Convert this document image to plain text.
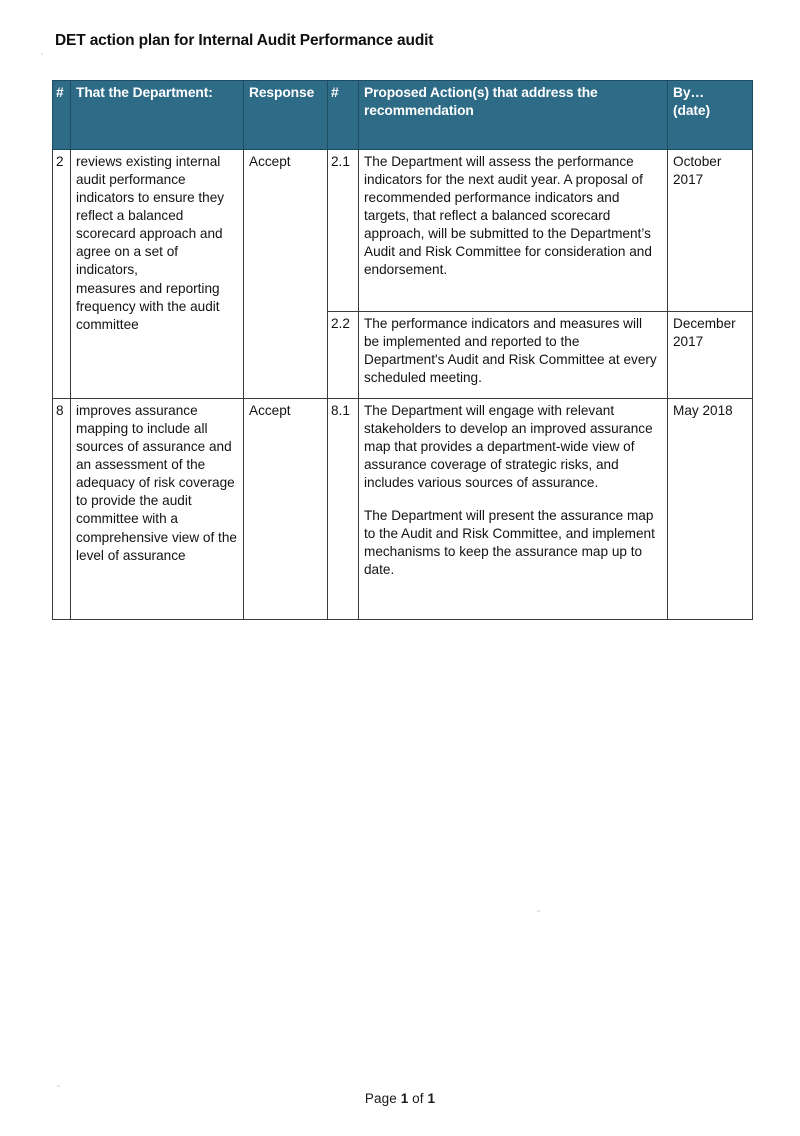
DET action plan for Internal Audit Performance audit
#	That the Department:	Response	#	Proposed Action(s) that address the
recommendation	By…
(date)

2	reviews existing internal audit performance indicators to ensure they reflect a balanced scorecard approach and agree on a set of indicators,
measures and reporting frequency with the audit committee	Accept	2.1	The Department will assess the performance indicators for the next audit year. A proposal of recommended performance indicators and targets, that reflect a balanced scorecard approach, will be submitted to the Department’s Audit and Risk Committee for consideration and endorsement.	October 2017
			2.2	The performance indicators and measures will be implemented and reported to the Department's Audit and Risk Committee at every scheduled meeting.	December 2017
8	improves assurance mapping to include all sources of assurance and an assessment of the adequacy of risk coverage to provide the audit committee with a comprehensive view of the level of assurance	Accept	8.1	The Department will engage with relevant stakeholders to develop an improved assurance map that provides a department-wide view of assurance coverage of strategic risks, and includes various sources of assurance.

The Department will present the assurance map to the Audit and Risk Committee, and implement mechanisms to keep the assurance map up to date.	May 2018
Page 1 of 1
